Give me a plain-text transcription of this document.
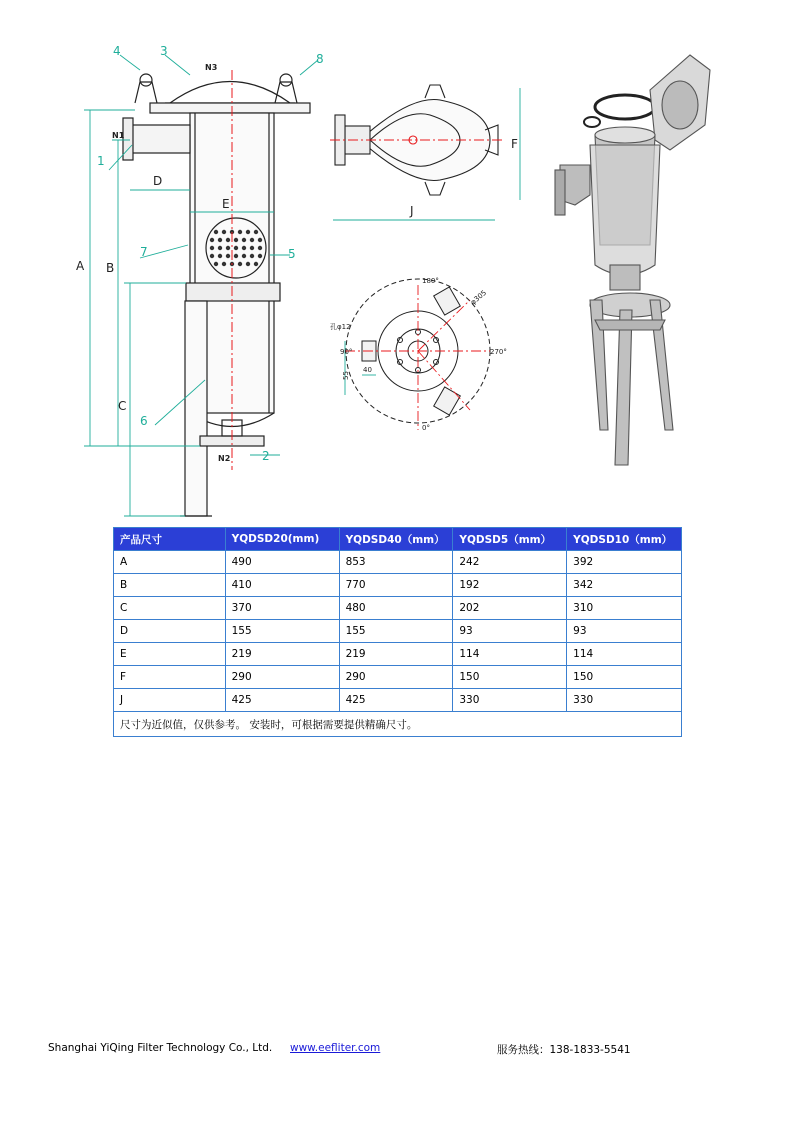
A B
C
D
E
1
2
3
4
5
6
7
8
N1
N2
N3
J
F
180°
90°	270°
0°
孔φ12
φ305
55
40
产品尺寸	YQDSD20(mm)	YQDSD40（mm）	YQDSD5（mm）	YQDSD10（mm）
A	490	853	242	392
B	410	770	192	342
C	370	480	202	310
D	155	155	93	93
E	219	219	114	114
F	290	290	150	150
J	425	425	330	330
尺寸为近似值，仅供参考。 安装时，可根据需要提供精确尺寸。				
Shanghai YiQing Filter Technology Co., Ltd. www.eefliter.com	服务热线：138-1833-5541
